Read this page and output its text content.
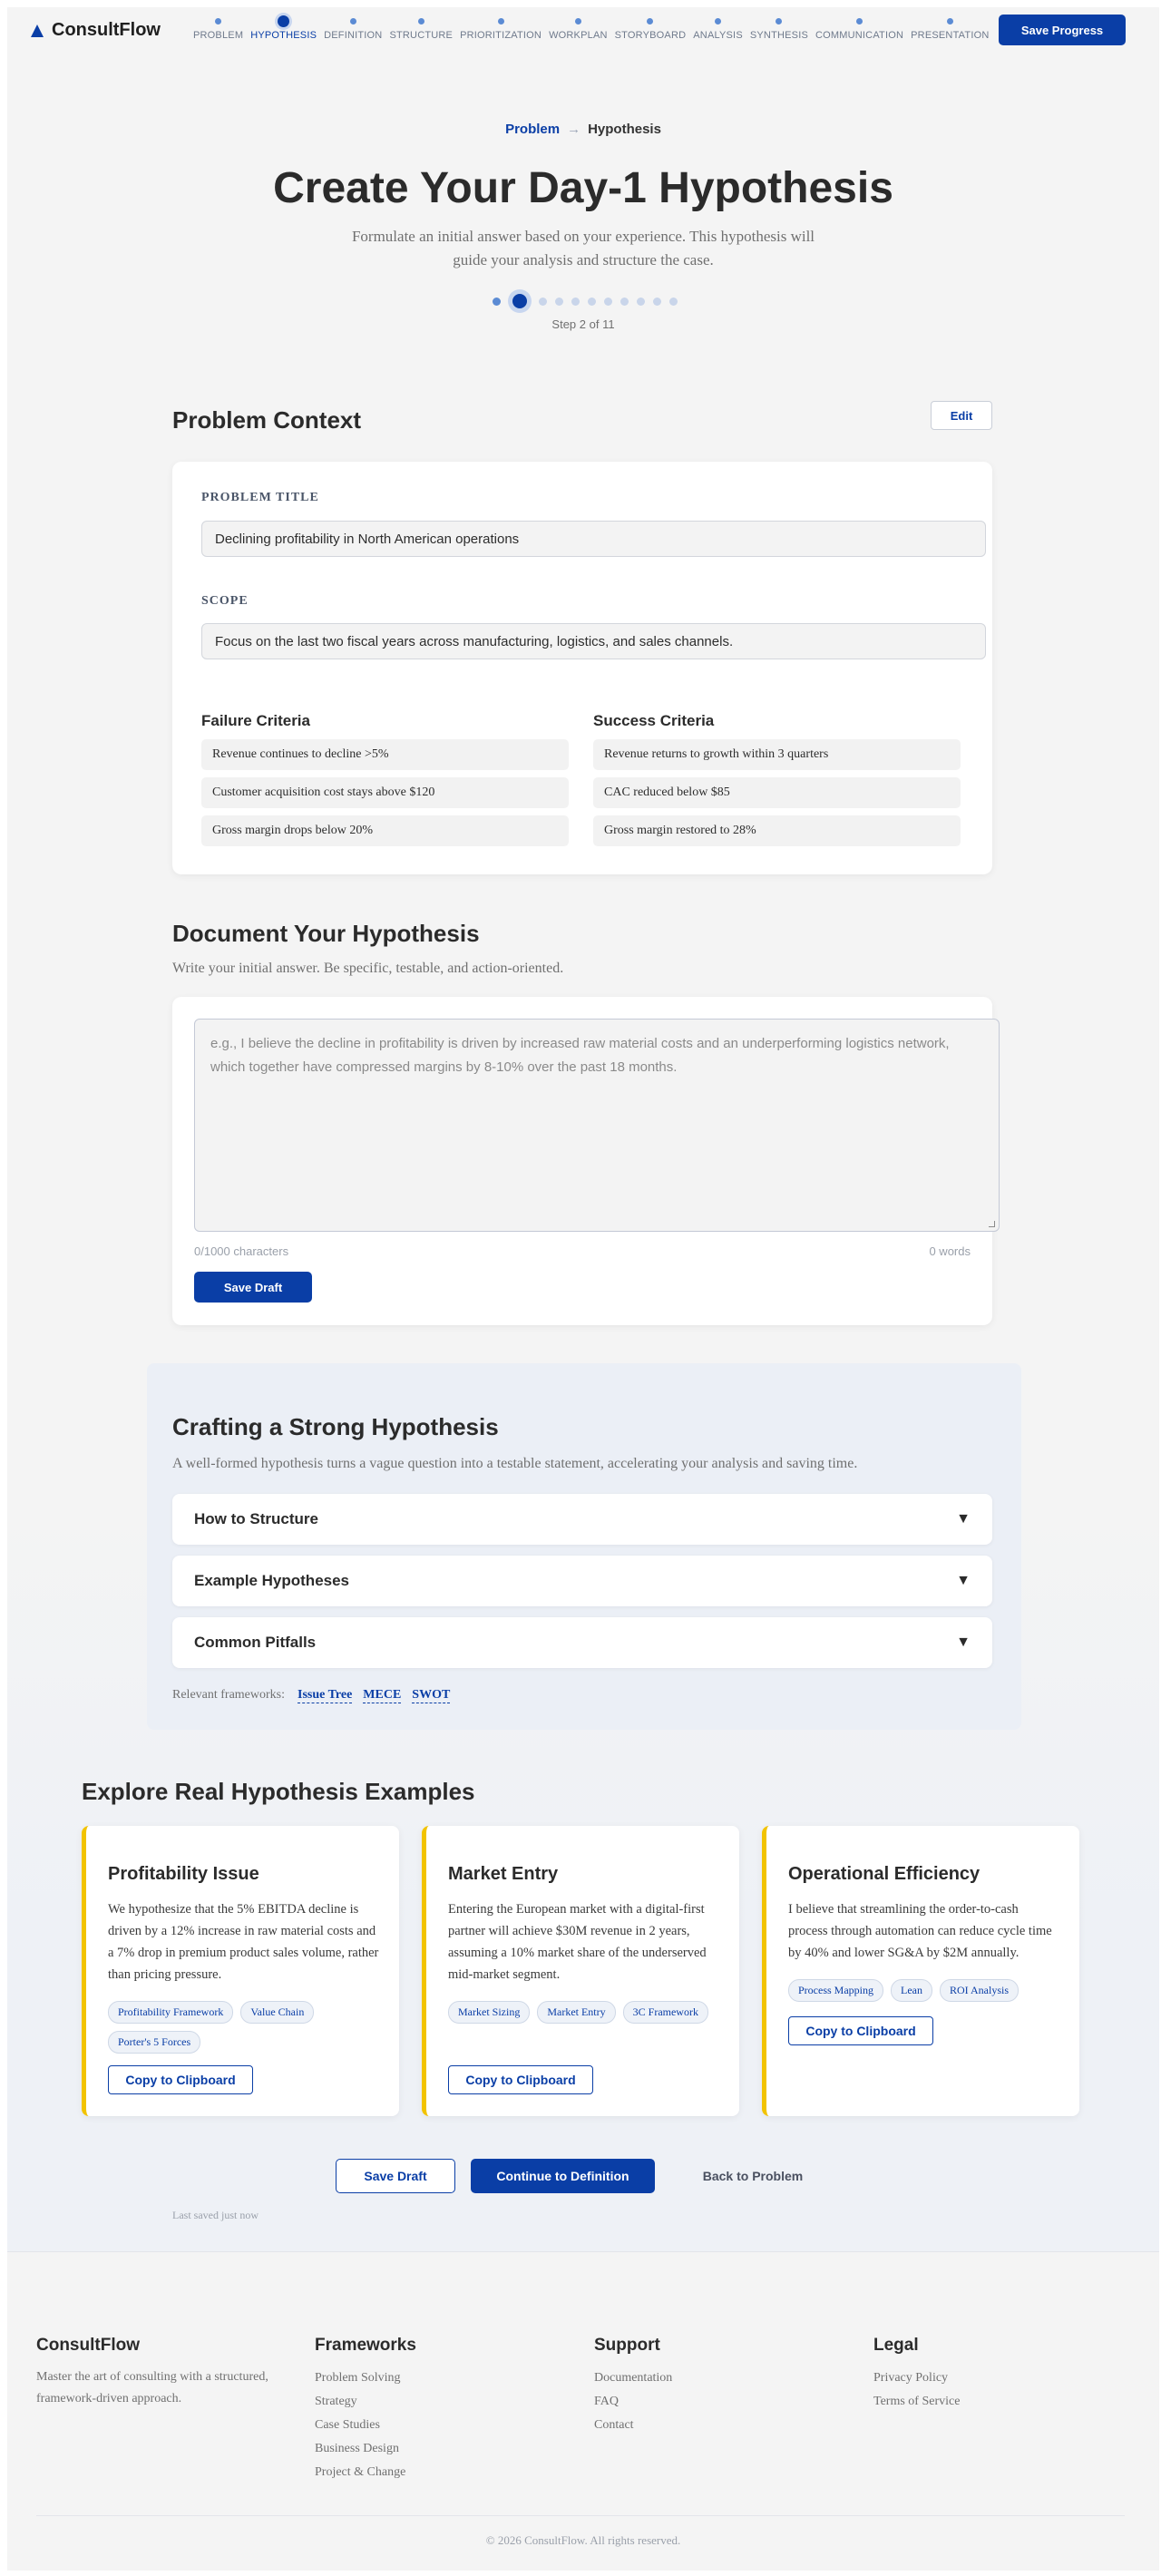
ConsultFlow	PROBLEM HYPOTHESIS DEFINITION STRUCTURE PRIORITIZATION WORKPLAN STORYBOARD ANALYSIS SYNTHESIS COMMUNICATION PRESENTATION	Save Progress
Problem → Hypothesis
Create Your Day-1 Hypothesis
Formulate an initial answer based on your experience. This hypothesis will guide your analysis and structure the case.
Step 2 of 11
Problem Context	Edit
PROBLEM TITLE
Declining profitability in North American operations
SCOPE
Focus on the last two fiscal years across manufacturing, logistics, and sales channels.
Failure Criteria
Revenue continues to decline >5%
Customer acquisition cost stays above $120
Gross margin drops below 20%
Success Criteria
Revenue returns to growth within 3 quarters
CAC reduced below $85
Gross margin restored to 28%
Document Your Hypothesis
Write your initial answer. Be specific, testable, and action-oriented.
e.g., I believe the decline in profitability is driven by increased raw material costs and an underperforming logistics network, which together have compressed margins by 8-10% over the past 18 months.
0/1000 characters	0 words
Save Draft
Crafting a Strong Hypothesis
A well-formed hypothesis turns a vague question into a testable statement, accelerating your analysis and saving time.
How to Structure	▼
Example Hypotheses	▼
Common Pitfalls	▼
Relevant frameworks: Issue Tree MECE SWOT
Explore Real Hypothesis Examples
Profitability Issue
We hypothesize that the 5% EBITDA decline is driven by a 12% increase in raw material costs and a 7% drop in premium product sales volume, rather than pricing pressure.
Profitability Framework	Value Chain
Porter's 5 Forces
Copy to Clipboard
Market Entry
Entering the European market with a digital-first partner will achieve $30M revenue in 2 years, assuming a 10% market share of the underserved mid-market segment.
Market Sizing	Market Entry	3C Framework
Copy to Clipboard
Operational Efficiency
I believe that streamlining the order-to-cash process through automation can reduce cycle time by 40% and lower SG&A by $2M annually.
Process Mapping	Lean	ROI Analysis
Copy to Clipboard
Save Draft	Continue to Definition	Back to Problem
Last saved just now
ConsultFlow
Master the art of consulting with a structured, framework-driven approach.
Frameworks
Problem Solving
Strategy
Case Studies
Business Design
Project & Change
Support
Documentation
FAQ
Contact
Legal
Privacy Policy
Terms of Service
© 2026 ConsultFlow. All rights reserved.
